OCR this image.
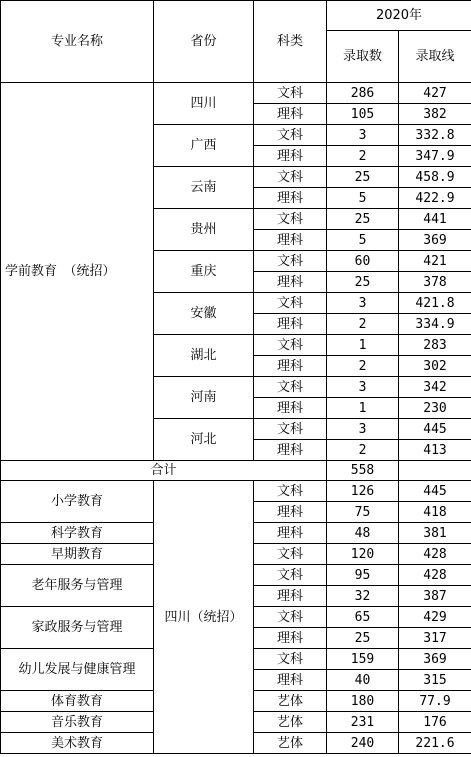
专业名称	省份	科类	2020年	
			录取数	录取线
学前教育　（统招）	四川	文科	286	427
		理科	105	382
	广西	文科	3	332.8
		理科	2	347.9
	云南	文科	25	458.9
		理科	5	422.9
	贵州	文科	25	441
		理科	5	369
	重庆	文科	60	421
		理科	25	378
	安徽	文科	3	421.8
		理科	2	334.9
	湖北	文科	1	283
		理科	2	302
	河南	文科	3	342
		理科	1	230
	河北	文科	3	445
		理科	2	413
合计			558	
小学教育	四川（统招）	文科	126	445
		理科	75	418
科学教育		理科	48	381
早期教育		文科	120	428
老年服务与管理		文科	95	428
		理科	32	387
家政服务与管理		文科	65	429
		理科	25	317
幼儿发展与健康管理		文科	159	369
		理科	40	315
体育教育		艺体	180	77.9
音乐教育		艺体	231	176
美术教育		艺体	240	221.6
